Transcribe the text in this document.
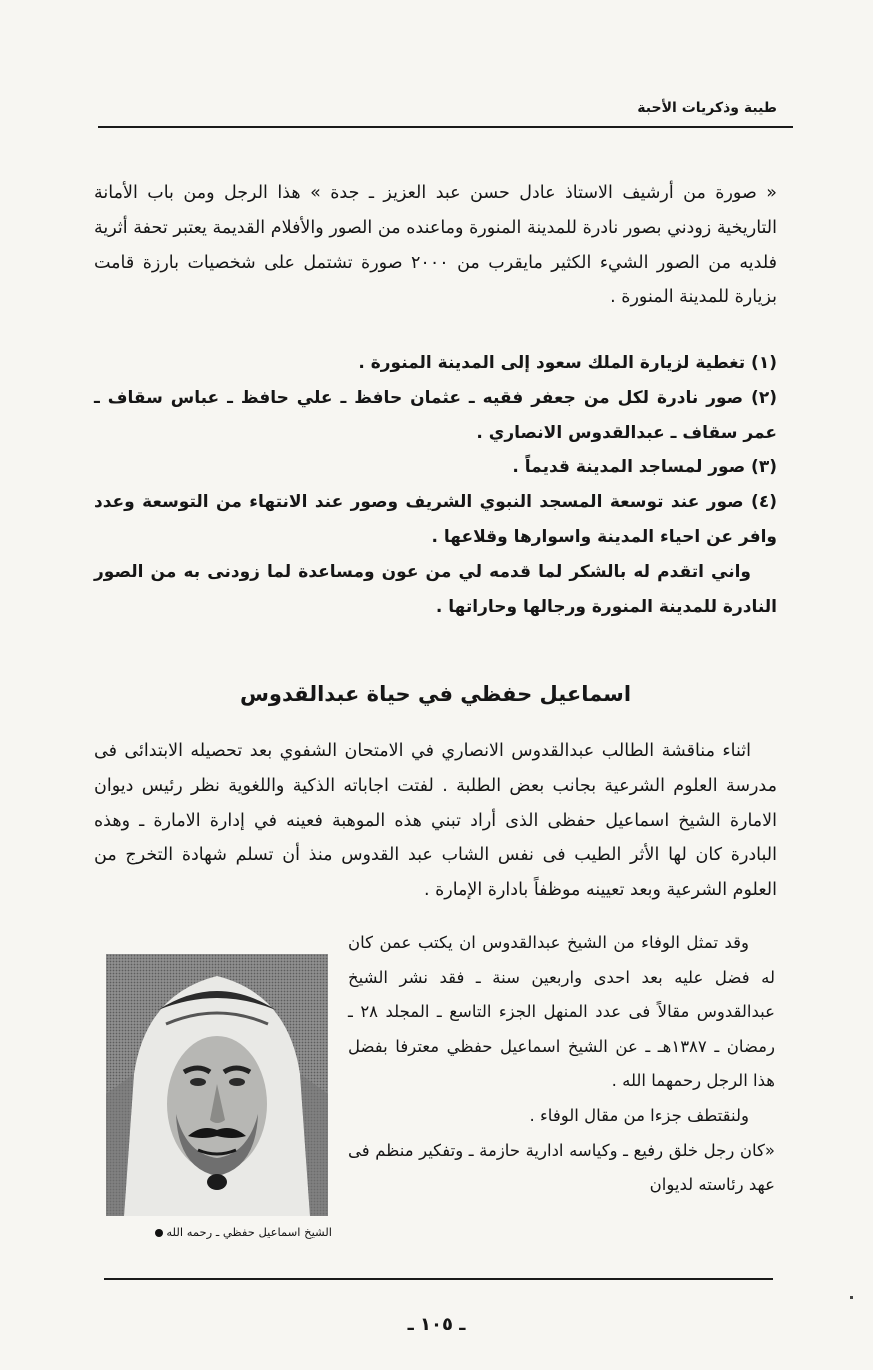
طيبة وذكريات الأحبة

« صورة من أرشيف الاستاذ عادل حسن عبد العزيز ـ جدة » هذا الرجل ومن باب الأمانة التاريخية زودني بصور نادرة للمدينة المنورة وماعنده من الصور والأفلام القديمة يعتبر تحفة أثرية فلديه من الصور الشيء الكثير مايقرب من ٢٠٠٠ صورة تشتمل على شخصيات بارزة قامت بزيارة للمدينة المنورة .

(١) تغطية لزيارة الملك سعود إلى المدينة المنورة .

(٢) صور نادرة لكل من جعفر فقيه ـ عثمان حافظ ـ علي حافظ ـ عباس سقاف ـ عمر سقاف ـ عبدالقدوس الانصاري .

(٣) صور لمساجد المدينة قديماً .

(٤) صور عند توسعة المسجد النبوي الشريف وصور عند الانتهاء من التوسعة وعدد وافر عن احياء المدينة واسوارها وقلاعها .

واني اتقدم له بالشكر لما قدمه لي من عون ومساعدة لما زودنى به من الصور النادرة للمدينة المنورة ورجالها وحاراتها .

اسماعيل حفظي في حياة عبدالقدوس

اثناء مناقشة الطالب عبدالقدوس الانصاري في الامتحان الشفوي بعد تحصيله الابتدائى فى مدرسة العلوم الشرعية بجانب بعض الطلبة . لفتت اجاباته الذكية واللغوية نظر رئيس ديوان الامارة الشيخ اسماعيل حفظى الذى أراد تبني هذه الموهبة فعينه في إدارة الامارة ـ وهذه البادرة كان لها الأثر الطيب فى نفس الشاب عبد القدوس منذ أن تسلم شهادة التخرج من العلوم الشرعية وبعد تعيينه موظفاً بادارة الإمارة .

وقد تمثل الوفاء من الشيخ عبدالقدوس ان يكتب عمن كان له فضل عليه بعد احدى واربعين سنة ـ فقد نشر الشيخ عبدالقدوس مقالاً فى عدد المنهل الجزء التاسع ـ المجلد ٢٨ ـ رمضان ـ ١٣٨٧هـ ـ عن الشيخ اسماعيل حفظي معترفا بفضل هذا الرجل رحمهما الله .

ولنقتطف جزءا من مقال الوفاء .

«كان رجل خلق رفيع ـ وكياسه ادارية حازمة ـ وتفكير منظم فى عهد رئاسته لديوان

الشيخ اسماعيل حفظي ـ رحمه الله
ـ ١٠٥ ـ
